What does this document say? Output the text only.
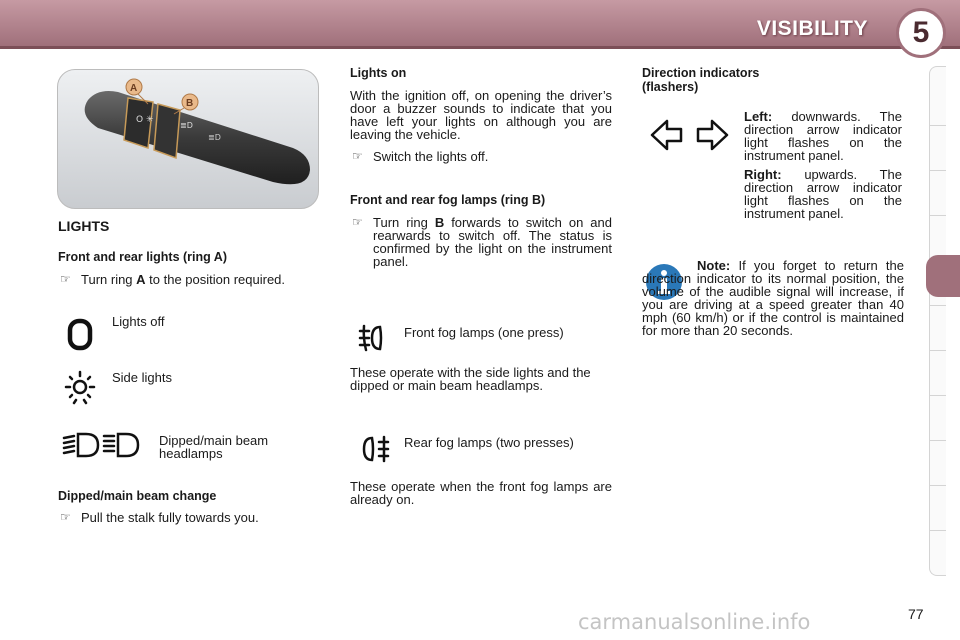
VISIBILITY	5
O ✳
≣D
≣D
A
B
LIGHTS
Front and rear lights (ring A)
☞ Turn ring A to the position required.
Lights off
Side lights
Dipped/main beam
headlamps
Dipped/main beam change
☞ Pull the stalk fully towards you.
Lights on

With the ignition off, on opening the driver’s door a buzzer sounds to indicate that you have left your lights on although you are leaving the vehicle.

☞ Switch the lights off.
Front and rear fog lamps (ring B)
☞ Turn ring B forwards to switch on and rearwards to switch off. The status is confirmed by the light on the instrument panel.
Front fog lamps (one press)

These operate with the side lights and the dipped or main beam headlamps.

Rear fog lamps (two presses)

These operate when the front fog lamps are already on.

Direction indicators
(flashers)

Left: downwards. The direction arrow indicator light flashes on the instrument panel.

Right: upwards. The direction arrow indicator light flashes on the instrument panel.

Note: If you forget to return the direction indicator to its normal position, the volume of the audible signal will increase, if you are driving at a speed greater than 40 mph (60 km/h) or if the control is maintained for more than 20 seconds.

carmanualsonline.info	77
